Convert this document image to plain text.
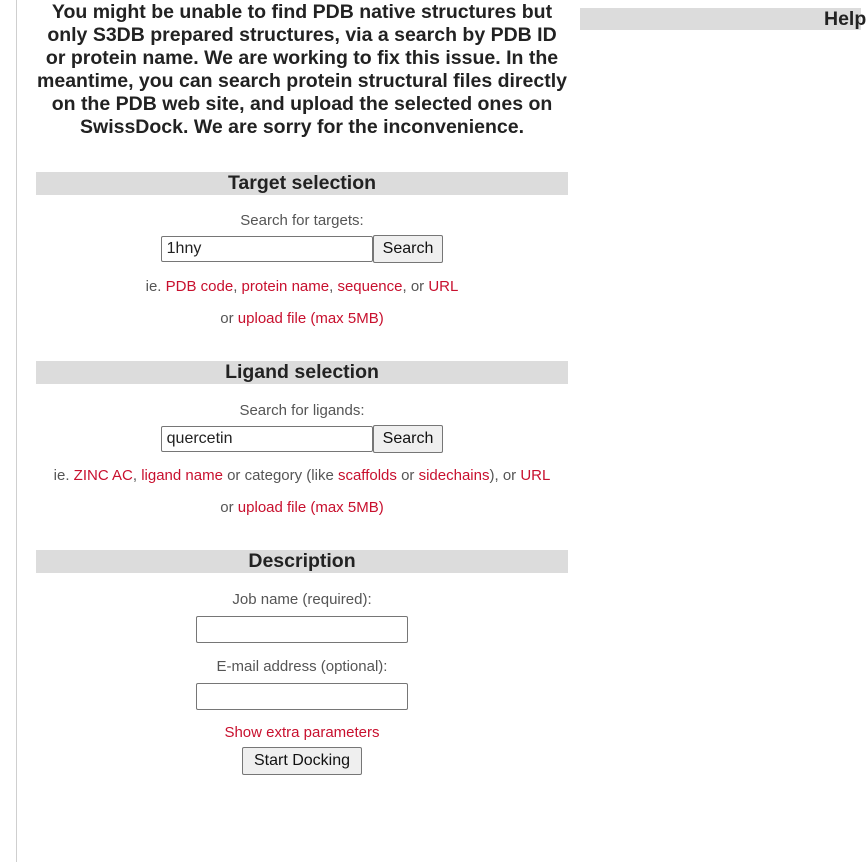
You might be unable to find PDB native structures but only S3DB prepared structures, via a search by PDB ID or protein name. We are working to fix this issue. In the meantime, you can search protein structural files directly on the PDB web site, and upload the selected ones on SwissDock. We are sorry for the inconvenience.

Target selection
Search for targets:
1hny
Search
ie. PDB code, protein name, sequence, or URL
or upload file (max 5MB)
Ligand selection
Search for ligands:
quercetin
Search
ie. ZINC AC, ligand name or category (like scaffolds or sidechains), or URL
or upload file (max 5MB)
Description
Job name (required):
E-mail address (optional):
Show extra parameters
Start Docking
Help
